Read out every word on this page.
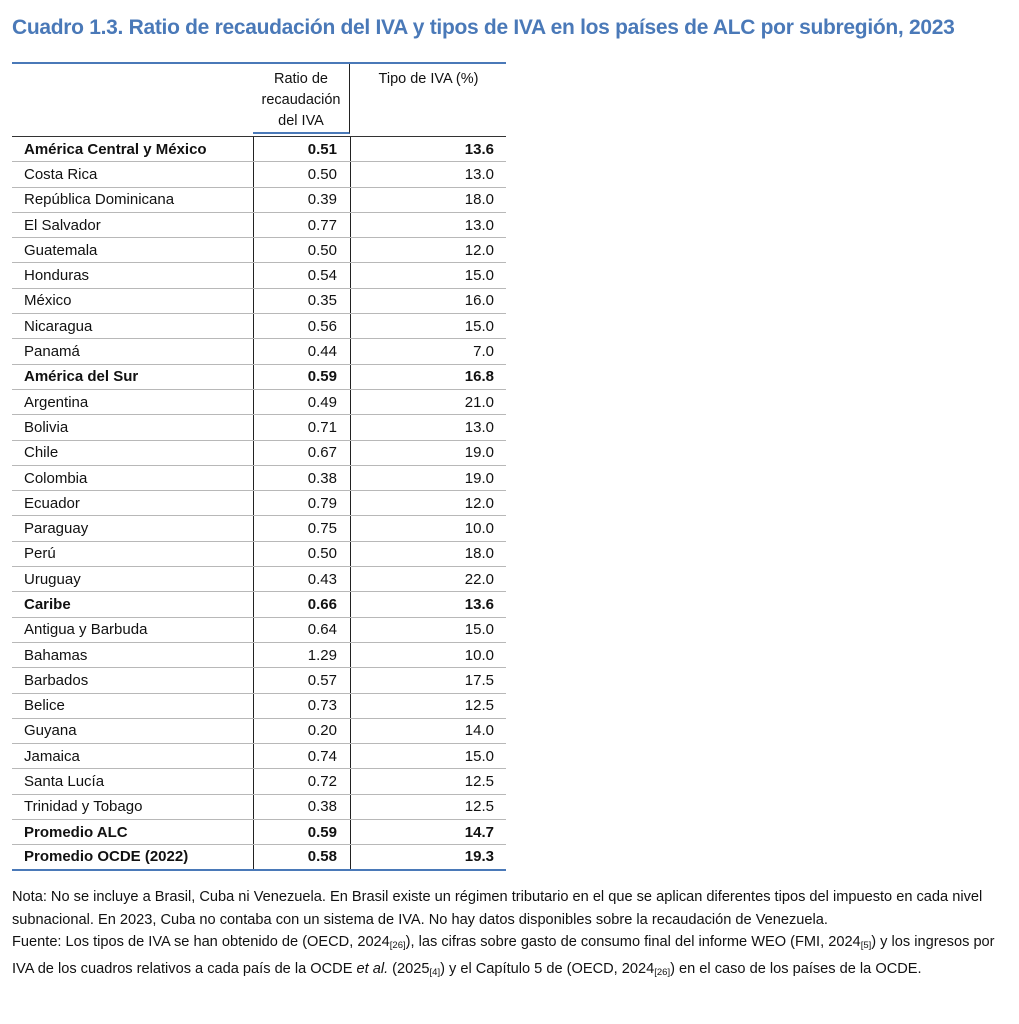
Cuadro 1.3. Ratio de recaudación del IVA y tipos de IVA en los países de ALC por subregión, 2023
Ratio de
recaudación
del IVA
Tipo de IVA (%)
América Central y México	0.51	13.6
Costa Rica	0.50	13.0
República Dominicana	0.39	18.0
El Salvador	0.77	13.0
Guatemala	0.50	12.0
Honduras	0.54	15.0
México	0.35	16.0
Nicaragua	0.56	15.0
Panamá	0.44	7.0
América del Sur	0.59	16.8
Argentina	0.49	21.0
Bolivia	0.71	13.0
Chile	0.67	19.0
Colombia	0.38	19.0
Ecuador	0.79	12.0
Paraguay	0.75	10.0
Perú	0.50	18.0
Uruguay	0.43	22.0
Caribe	0.66	13.6
Antigua y Barbuda	0.64	15.0
Bahamas	1.29	10.0
Barbados	0.57	17.5
Belice	0.73	12.5
Guyana	0.20	14.0
Jamaica	0.74	15.0
Santa Lucía	0.72	12.5
Trinidad y Tobago	0.38	12.5
Promedio ALC	0.59	14.7
Promedio OCDE (2022)	0.58	19.3

Nota: No se incluye a Brasil, Cuba ni Venezuela. En Brasil existe un régimen tributario en el que se aplican diferentes tipos del impuesto en cada nivel subnacional. En 2023, Cuba no contaba con un sistema de IVA. No hay datos disponibles sobre la recaudación de Venezuela.

Fuente: Los tipos de IVA se han obtenido de (OECD, $2024_{[26]}$), las cifras sobre gasto de consumo final del informe WEO (FMI, $2024_{[5]}$) y los ingresos por IVA de los cuadros relativos a cada país de la OCDE et al. $(2025_{[4]})$ y el Capítulo 5 de (OECD, $2024_{[26]}$) en el caso de los países de la OCDE.
